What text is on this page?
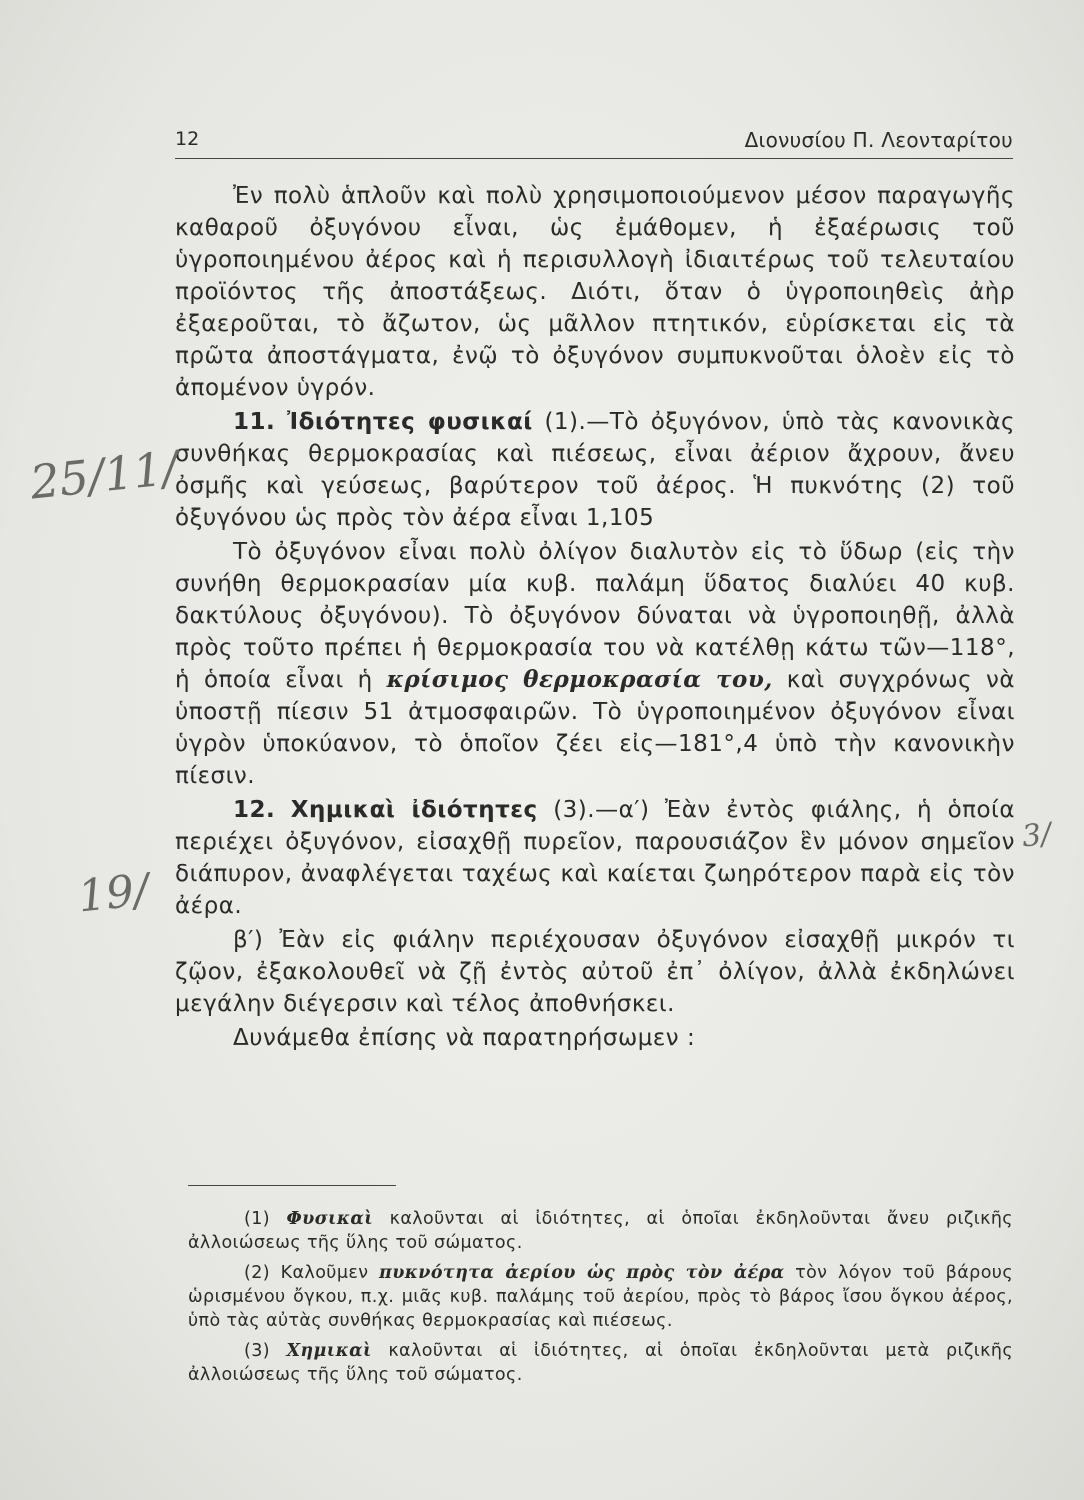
12	Διονυσίου Π. Λεονταρίτου

Ἐν πολὺ ἁπλοῦν καὶ πολὺ χρησιμοποιούμενον μέσον παραγωγῆς καθαροῦ ὀξυγόνου εἶναι, ὡς ἐμάθομεν, ἡ ἐξαέρωσις τοῦ ὑγροποιημένου ἀέρος καὶ ἡ περισυλλογὴ ἰδιαιτέρως τοῦ τελευταίου προϊόντος τῆς ἀποστάξεως. Διότι, ὅταν ὁ ὑγροποιηθεὶς ἀὴρ ἐξαεροῦται, τὸ ἄζωτον, ὡς μᾶλλον πτητικόν, εὑρίσκεται εἰς τὰ πρῶτα ἀποστάγματα, ἐνῷ τὸ ὀξυγόνον συμπυκνοῦται ὁλοὲν εἰς τὸ ἀπομένον ὑγρόν.

11. Ἰδιότητες φυσικαί (1).—Τὸ ὀξυγόνον, ὑπὸ τὰς κανονικὰς συνθήκας θερμοκρασίας καὶ πιέσεως, εἶναι ἀέριον ἄχρουν, ἄνευ ὀσμῆς καὶ γεύσεως, βαρύτερον τοῦ ἀέρος. Ἡ πυκνότης (2) τοῦ ὀξυγόνου ὡς πρὸς τὸν ἀέρα εἶναι 1,105

Τὸ ὀξυγόνον εἶναι πολὺ ὀλίγον διαλυτὸν εἰς τὸ ὕδωρ (εἰς τὴν συνήθη θερμοκρασίαν μία κυβ. παλάμη ὕδατος διαλύει 40 κυβ. δακτύλους ὀξυγόνου). Τὸ ὀξυγόνον δύναται νὰ ὑγροποιηθῇ, ἀλλὰ πρὸς τοῦτο πρέπει ἡ θερμοκρασία του νὰ κατέλθῃ κάτω τῶν—118°, ἡ ὁποία εἶναι ἡ κρίσιμος θερμοκρασία του, καὶ συγχρόνως νὰ ὑποστῇ πίεσιν 51 ἀτμοσφαιρῶν. Τὸ ὑγροποιημένον ὀξυγόνον εἶναι ὑγρὸν ὑποκύανον, τὸ ὁποῖον ζέει εἰς—181°,4 ὑπὸ τὴν κανονικὴν πίεσιν.

12. Χημικαὶ ἰδιότητες (3).—α′) Ἐὰν ἐντὸς φιάλης, ἡ ὁποία περιέχει ὀξυγόνον, εἰσαχθῇ πυρεῖον, παρουσιάζον ἓν μόνον σημεῖον διάπυρον, ἀναφλέγεται ταχέως καὶ καίεται ζωηρότερον παρὰ εἰς τὸν ἀέρα.

β′) Ἐὰν εἰς φιάλην περιέχουσαν ὀξυγόνον εἰσαχθῇ μικρόν τι ζῷον, ἐξακολουθεῖ νὰ ζῇ ἐντὸς αὐτοῦ ἐπ᾽ ὀλίγον, ἀλλὰ ἐκδηλώνει μεγάλην διέγερσιν καὶ τέλος ἀποθνήσκει.

Δυνάμεθα ἐπίσης νὰ παρατηρήσωμεν :

(1) Φυσικαὶ καλοῦνται αἱ ἰδιότητες, αἱ ὁποῖαι ἐκδηλοῦνται ἄνευ ριζικῆς ἀλλοιώσεως τῆς ὕλης τοῦ σώματος.

(2) Καλοῦμεν πυκνότητα ἀερίου ὡς πρὸς τὸν ἀέρα τὸν λόγον τοῦ βάρους ὡρισμένου ὄγκου, π.χ. μιᾶς κυβ. παλάμης τοῦ ἀερίου, πρὸς τὸ βάρος ἴσου ὄγκου ἀέρος, ὑπὸ τὰς αὐτὰς συνθήκας θερμοκρασίας καὶ πιέσεως.

(3) Χημικαὶ καλοῦνται αἱ ἰδιότητες, αἱ ὁποῖαι ἐκδηλοῦνται μετὰ ριζικῆς ἀλλοιώσεως τῆς ὕλης τοῦ σώματος.

25/11/
19/
3/
